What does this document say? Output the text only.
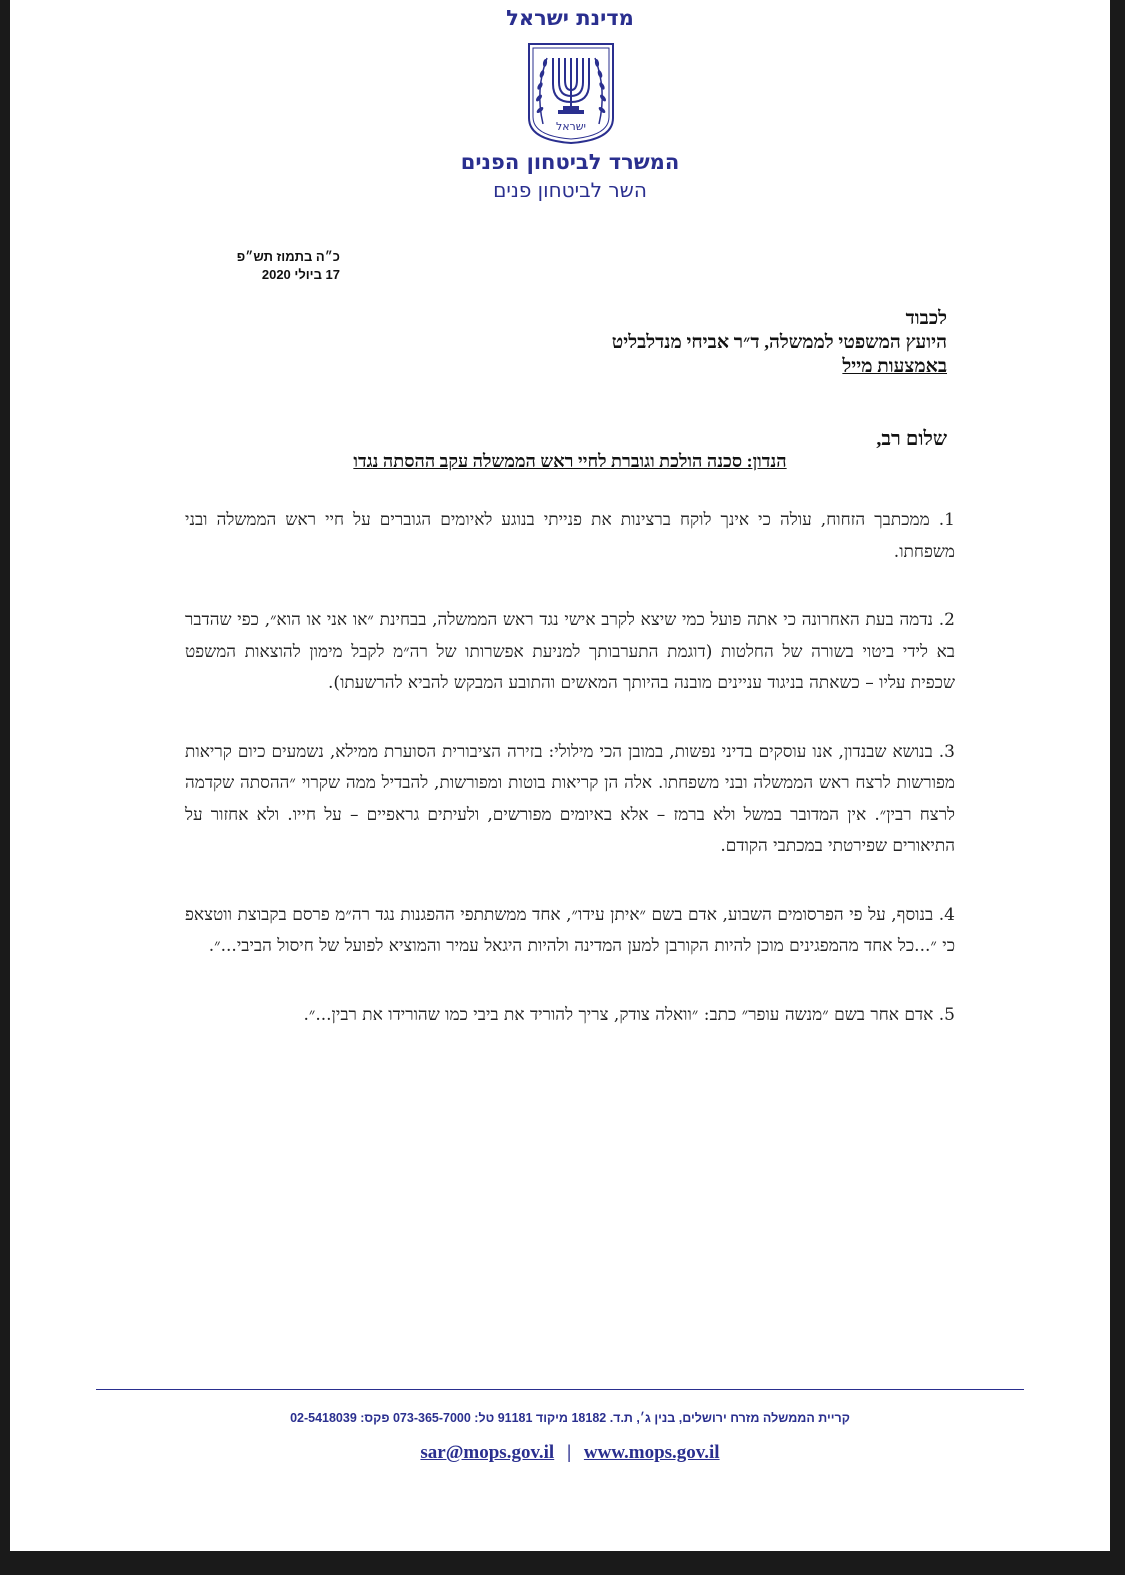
מדינת ישראל
ישראל
המשרד לביטחון הפנים
השר לביטחון פנים
כ״ה בתמוז תש״פ
17 ביולי 2020
לכבוד
היועץ המשפטי לממשלה, ד״ר אביחי מנדלבליט
באמצעות מייל
שלום רב,
הנדון: סכנה הולכת וגוברת לחיי ראש הממשלה עקב ההסתה נגדו

1. ממכתבך הזחוח, עולה כי אינך לוקח ברצינות את פנייתי בנוגע לאיומים הגוברים על חיי ראש הממשלה ובני משפחתו.

2. נדמה בעת האחרונה כי אתה פועל כמי שיצא לקרב אישי נגד ראש הממשלה, בבחינת ״או אני או הוא״, כפי שהדבר בא לידי ביטוי בשורה של החלטות (דוגמת התערבותך למניעת אפשרותו של רה״מ לקבל מימון להוצאות המשפט שכפית עליו – כשאתה בניגוד עניינים מובנה בהיותך המאשים והתובע המבקש להביא להרשעתו).

3. בנושא שבנדון, אנו עוסקים בדיני נפשות, במובן הכי מילולי: בזירה הציבורית הסוערת ממילא, נשמעים כיום קריאות מפורשות לרצח ראש הממשלה ובני משפחתו. אלה הן קריאות בוטות ומפורשות, להבדיל ממה שקרוי ״ההסתה שקדמה לרצח רבין״. אין המדובר במשל ולא ברמז – אלא באיומים מפורשים, ולעיתים גראפיים – על חייו. ולא אחזור על התיאורים שפירטתי במכתבי הקודם.

4. בנוסף, על פי הפרסומים השבוע, אדם בשם ״איתן עידו״, אחד ממשתתפי ההפגנות נגד רה״מ פרסם בקבוצת ווטצאפ כי ״...כל אחד מהמפגינים מוכן להיות הקורבן למען המדינה ולהיות היגאל עמיר והמוציא לפועל של חיסול הביבי...״.

5. אדם אחר בשם ״מנשה עופר״ כתב: ״וואלה צודק, צריך להוריד את ביבי כמו שהורידו את רבין...״.

קריית הממשלה מזרח ירושלים, בנין ג׳, ת.ד. 18182 מיקוד 91181 טל: 073-365-7000 פקס: 02-5418039
sar@mops.gov.il | www.mops.gov.il
